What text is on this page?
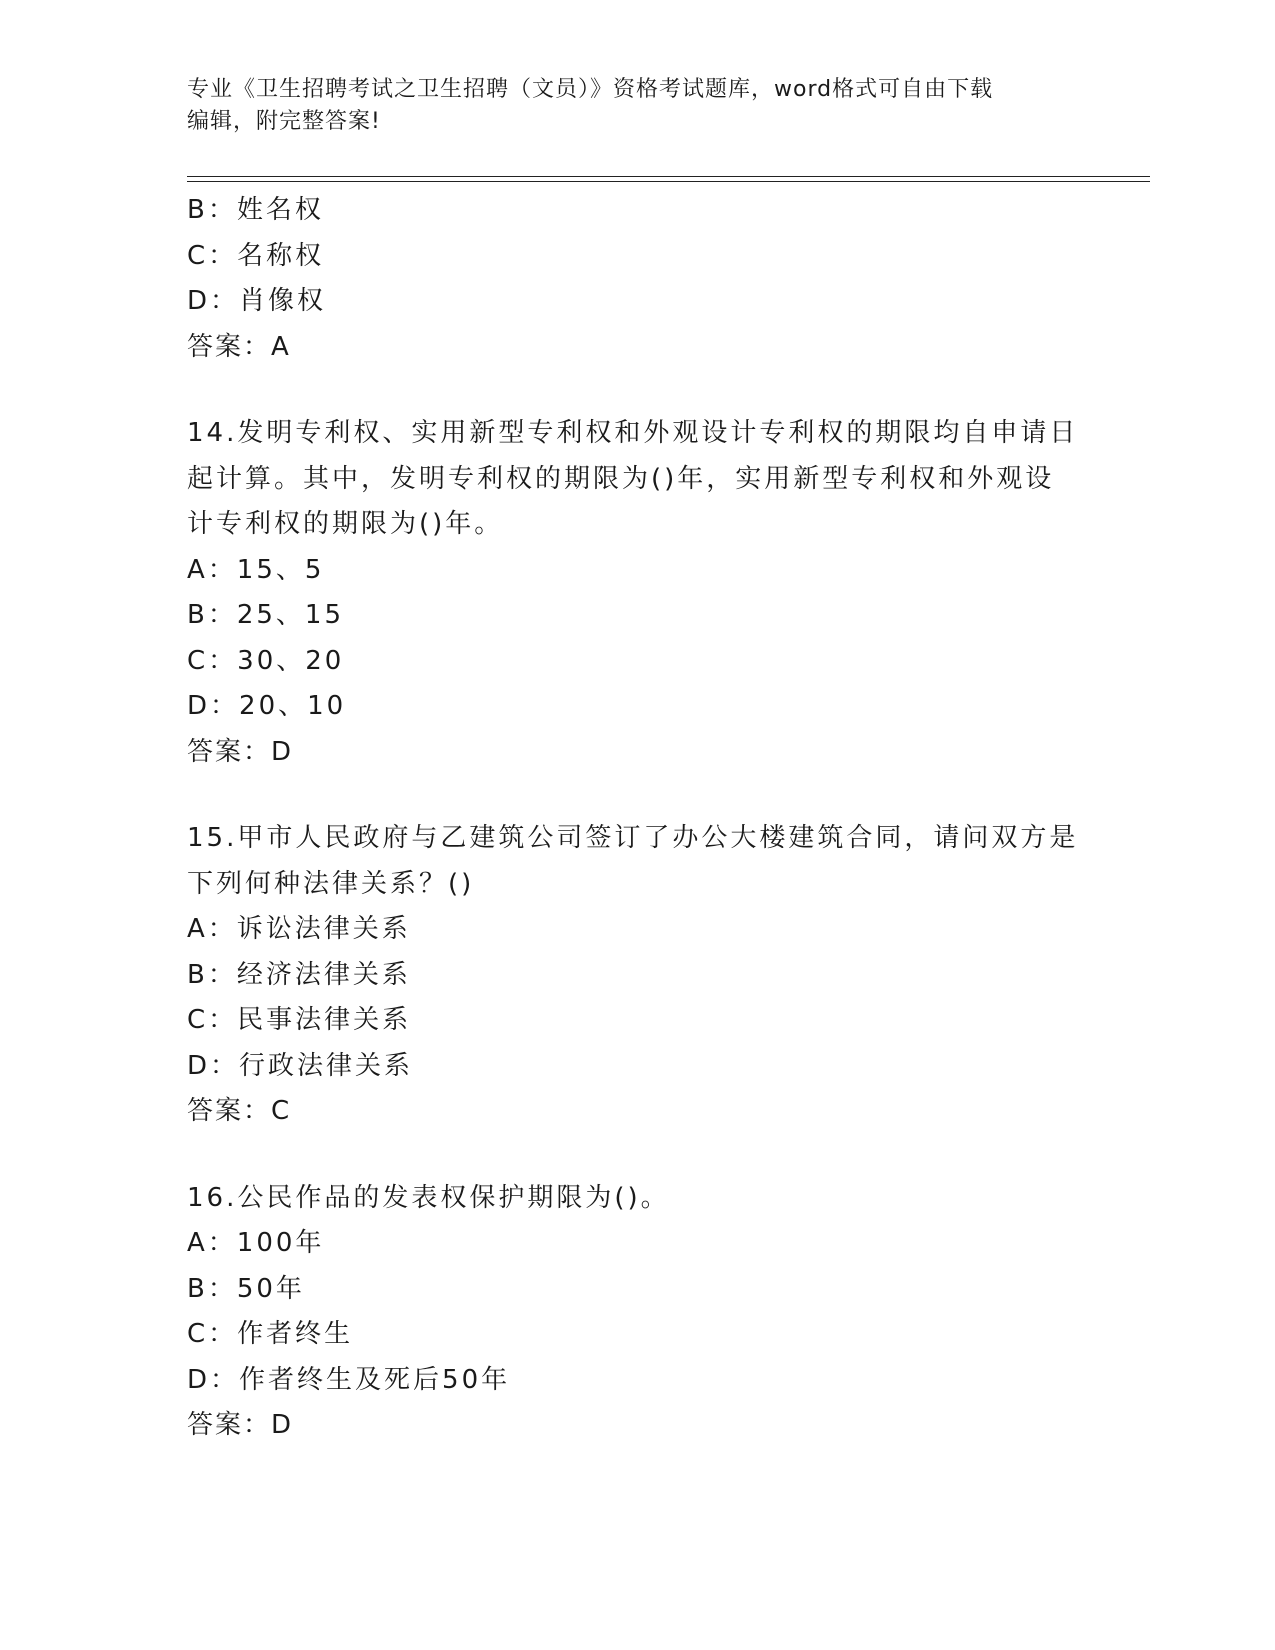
专业《卫生招聘考试之卫生招聘（文员）》资格考试题库，word格式可自由下载
编辑，附完整答案!
B：姓名权
C：名称权
D：肖像权
答案：A
14.发明专利权、实用新型专利权和外观设计专利权的期限均自申请日
起计算。其中，发明专利权的期限为()年，实用新型专利权和外观设
计专利权的期限为()年。
A：15、5
B：25、15
C：30、20
D：20、10
答案：D
15.甲市人民政府与乙建筑公司签订了办公大楼建筑合同，请问双方是
下列何种法律关系？()
A：诉讼法律关系
B：经济法律关系
C：民事法律关系
D：行政法律关系
答案：C
16.公民作品的发表权保护期限为()。
A：100年
B：50年
C：作者终生
D：作者终生及死后50年
答案：D
